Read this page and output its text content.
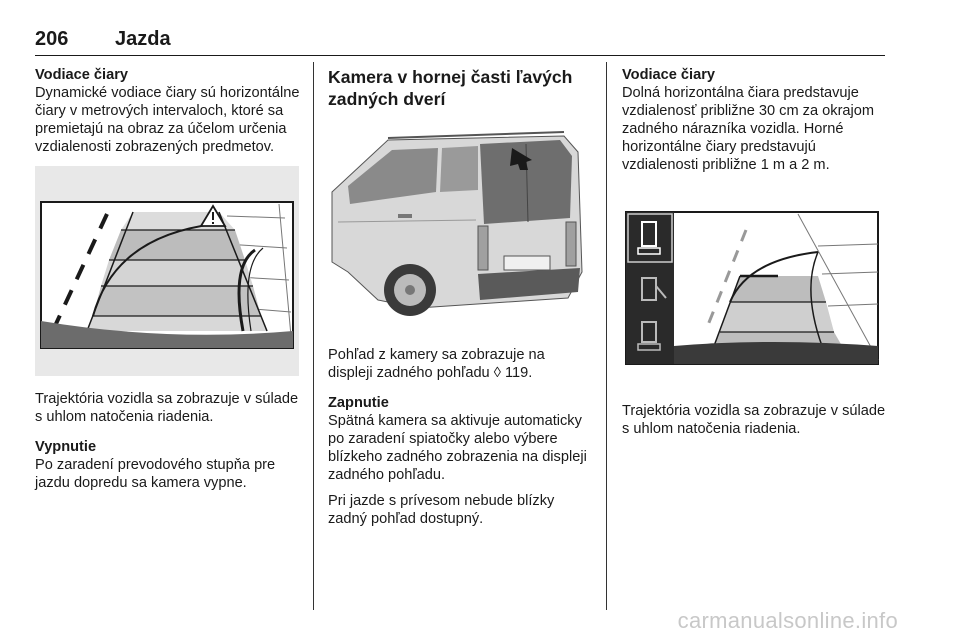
206 Jazda
Vodiace čiary

Dynamické vodiace čiary sú horizontálne čiary v metrových intervaloch, ktoré sa premietajú na obraz za účelom určenia vzdialenosti zobrazených predmetov.

Trajektória vozidla sa zobrazuje v súlade s uhlom natočenia riadenia.

Vypnutie

Po zaradení prevodového stupňa pre jazdu dopredu sa kamera vypne.

Kamera v hornej časti ľavých zadných dverí

Pohľad z kamery sa zobrazuje na displeji zadného pohľadu ◊ 119.

Zapnutie

Spätná kamera sa aktivuje automaticky po zaradení spiatočky alebo výbere blízkeho zadného zobrazenia na displeji zadného pohľadu.

Pri jazde s prívesom nebude blízky zadný pohľad dostupný.

Vodiace čiary

Dolná horizontálna čiara predstavuje vzdialenosť približne 30 cm za okrajom zadného nárazníka vozidla. Horné horizontálne čiary predstavujú vzdialenosti približne 1 m a 2 m.

Trajektória vozidla sa zobrazuje v súlade s uhlom natočenia riadenia.

carmanualsonline.info
